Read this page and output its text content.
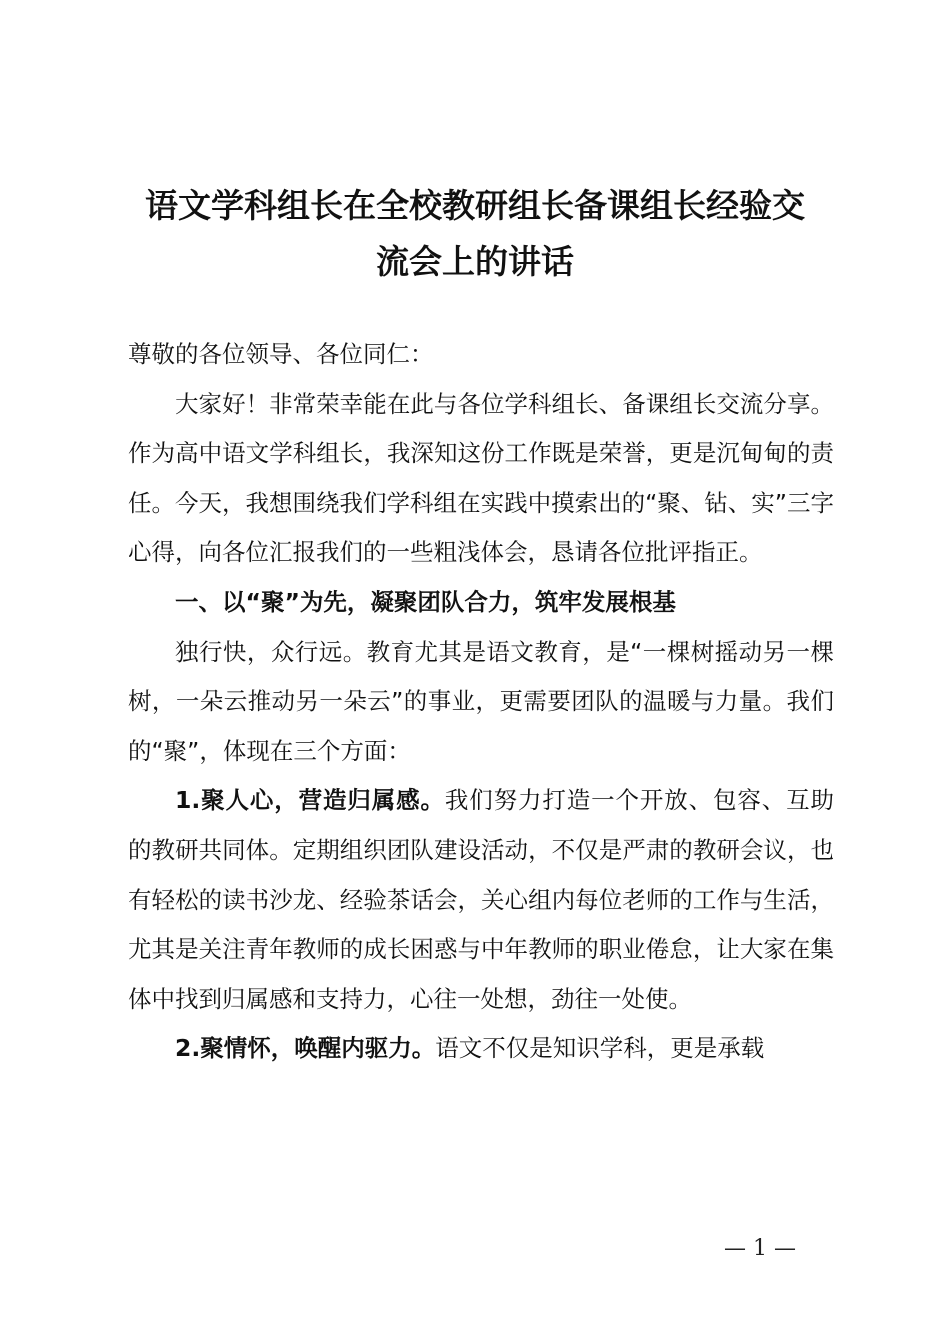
语文学科组长在全校教研组长备课组长经验交
流会上的讲话

尊敬的各位领导、各位同仁：

大家好！非常荣幸能在此与各位学科组长、备课组长交流分享。作为高中语文学科组长，我深知这份工作既是荣誉，更是沉甸甸的责任。今天，我想围绕我们学科组在实践中摸索出的“聚、钻、实”三字心得，向各位汇报我们的一些粗浅体会，恳请各位批评指正。

一、以“聚”为先，凝聚团队合力，筑牢发展根基

独行快，众行远。教育尤其是语文教育，是“一棵树摇动另一棵树，一朵云推动另一朵云”的事业，更需要团队的温暖与力量。我们的“聚”，体现在三个方面：

1.聚人心，营造归属感。我们努力打造一个开放、包容、互助的教研共同体。定期组织团队建设活动，不仅是严肃的教研会议，也有轻松的读书沙龙、经验茶话会，关心组内每位老师的工作与生活，尤其是关注青年教师的成长困惑与中年教师的职业倦怠，让大家在集体中找到归属感和支持力，心往一处想，劲往一处使。

2.聚情怀，唤醒内驱力。语文不仅是知识学科，更是承载

— 1 —
